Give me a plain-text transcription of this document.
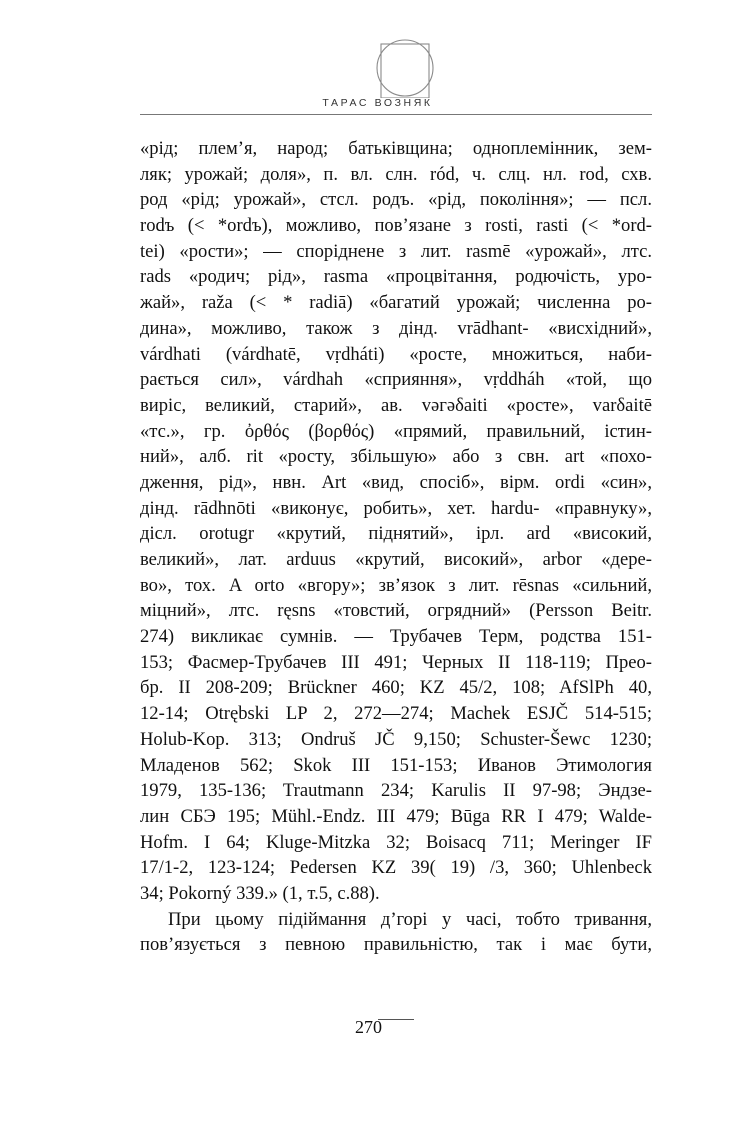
ТАРАС ВОЗНЯК
«рід; плем’я, народ; батьківщина; одноплемінник, зем-
ляк; урожай; доля», п. вл. слн. ród, ч. слц. нл. rod, схв.
род «рід; урожай», стсл. родъ. «рід, покоління»; — псл.
rodъ (< *ordъ), можливо, пов’язане з rosti, rasti (< *ord-
tei) «рости»; — споріднене з лит. rasmē «урожай», лтс.
rads «родич; рід», rasma «процвітання, родючість, уро-
жай», raža (< * radiā) «багатий урожай; численна ро-
дина», можливо, також з дінд. vrādhant- «висхідний»,
várdhati (várdhatē, vṛdháti) «росте, множиться, наби-
рається сил», várdhah «сприяння», vṛddháh «той, що
виріс, великий, старий», ав. vəгəδaiti «росте», varδaitē
«тс.», гр. ὀρθός (βορθός) «прямий, правильний, істин-
ний», алб. rit «росту, збільшую» або з свн. art «похо-
дження, рід», нвн. Art «вид, спосіб», вірм. ordi «син»,
дінд. rādhnōti «виконує, робить», хет. hardu- «правнуку»,
дісл. orotugr «крутий, піднятий», ірл. ard «високий,
великий», лат. arduus «крутий, високий», arbor «дере-
во», тох. A orto «вгору»; зв’язок з лит. rēsnas «сильний,
міцний», лтс. ręsns «товстий, огрядний» (Persson Beitr.
274) викликає сумнів. — Трубачев Терм, родства 151-
153; Фасмер-Трубачев III 491; Черных II 118-119; Прео-
бр. II 208-209; Brückner 460; KZ 45/2, 108; AfSlPh 40,
12-14; Otrębski LP 2, 272—274; Machek ESJČ 514-515;
Holub-Kop. 313; Ondruš JČ 9,150; Schuster-Šewc 1230;
Младенов 562; Skok III 151-153; Иванов Этимология
1979, 135-136; Trautmann 234; Karulis II 97-98; Эндзе-
лин СБЭ 195; Mühl.-Endz. III 479; Būga RR I 479; Walde-
Hofm. I 64; Kluge-Mitzka 32; Boisacq 711; Meringer IF
17/1-2, 123-124; Pedersen KZ 39( 19) /3, 360; Uhlenbeck
34; Pokorný 339.» (1, т.5, с.88).
При цьому підіймання д’горі у часі, тобто тривання,
пов’язується з певною правильністю, так і має бути,
270
